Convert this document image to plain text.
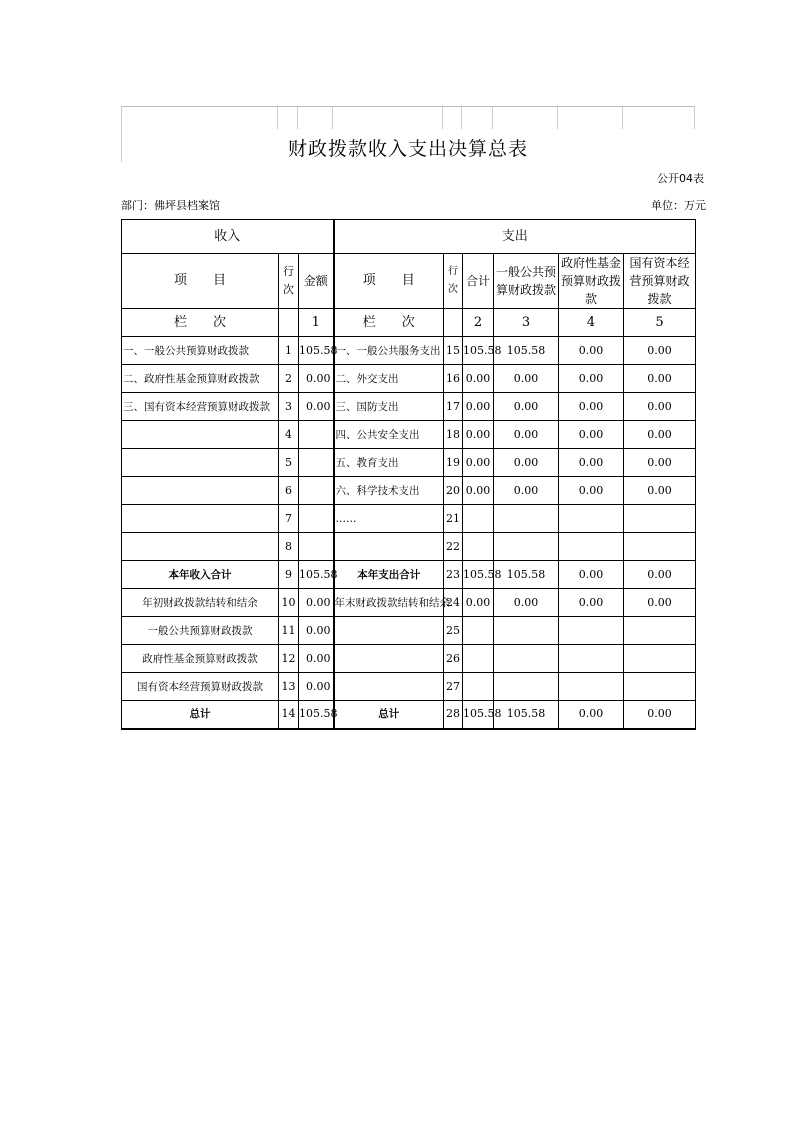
财政拨款收入支出决算总表
公开04表
部门：佛坪县档案馆	单位：万元
收入			支出					
项　　目	行次	金额	项　　目	行次	合计	一般公共预算财政拨款	政府性基金预算财政拨款	国有资本经营预算财政拨款
栏　　次		1	栏　　次		2	3	4	5
一、一般公共预算财政拨款	1	105.58	一、一般公共服务支出	15	105.58	105.58	0.00	0.00
二、政府性基金预算财政拨款	2	0.00	二、外交支出	16	0.00	0.00	0.00	0.00
三、国有资本经营预算财政拨款	3	0.00	三、国防支出	17	0.00	0.00	0.00	0.00
	4		四、公共安全支出	18	0.00	0.00	0.00	0.00
	5		五、教育支出	19	0.00	0.00	0.00	0.00
	6		六、科学技术支出	20	0.00	0.00	0.00	0.00
	7		……	21				
	8			22				
本年收入合计	9	105.58	本年支出合计	23	105.58	105.58	0.00	0.00
年初财政拨款结转和结余	10	0.00	年末财政拨款结转和结余	24	0.00	0.00	0.00	0.00
一般公共预算财政拨款	11	0.00		25				
政府性基金预算财政拨款	12	0.00		26				
国有资本经营预算财政拨款	13	0.00		27				
总计	14	105.58	总计	28	105.58	105.58	0.00	0.00
